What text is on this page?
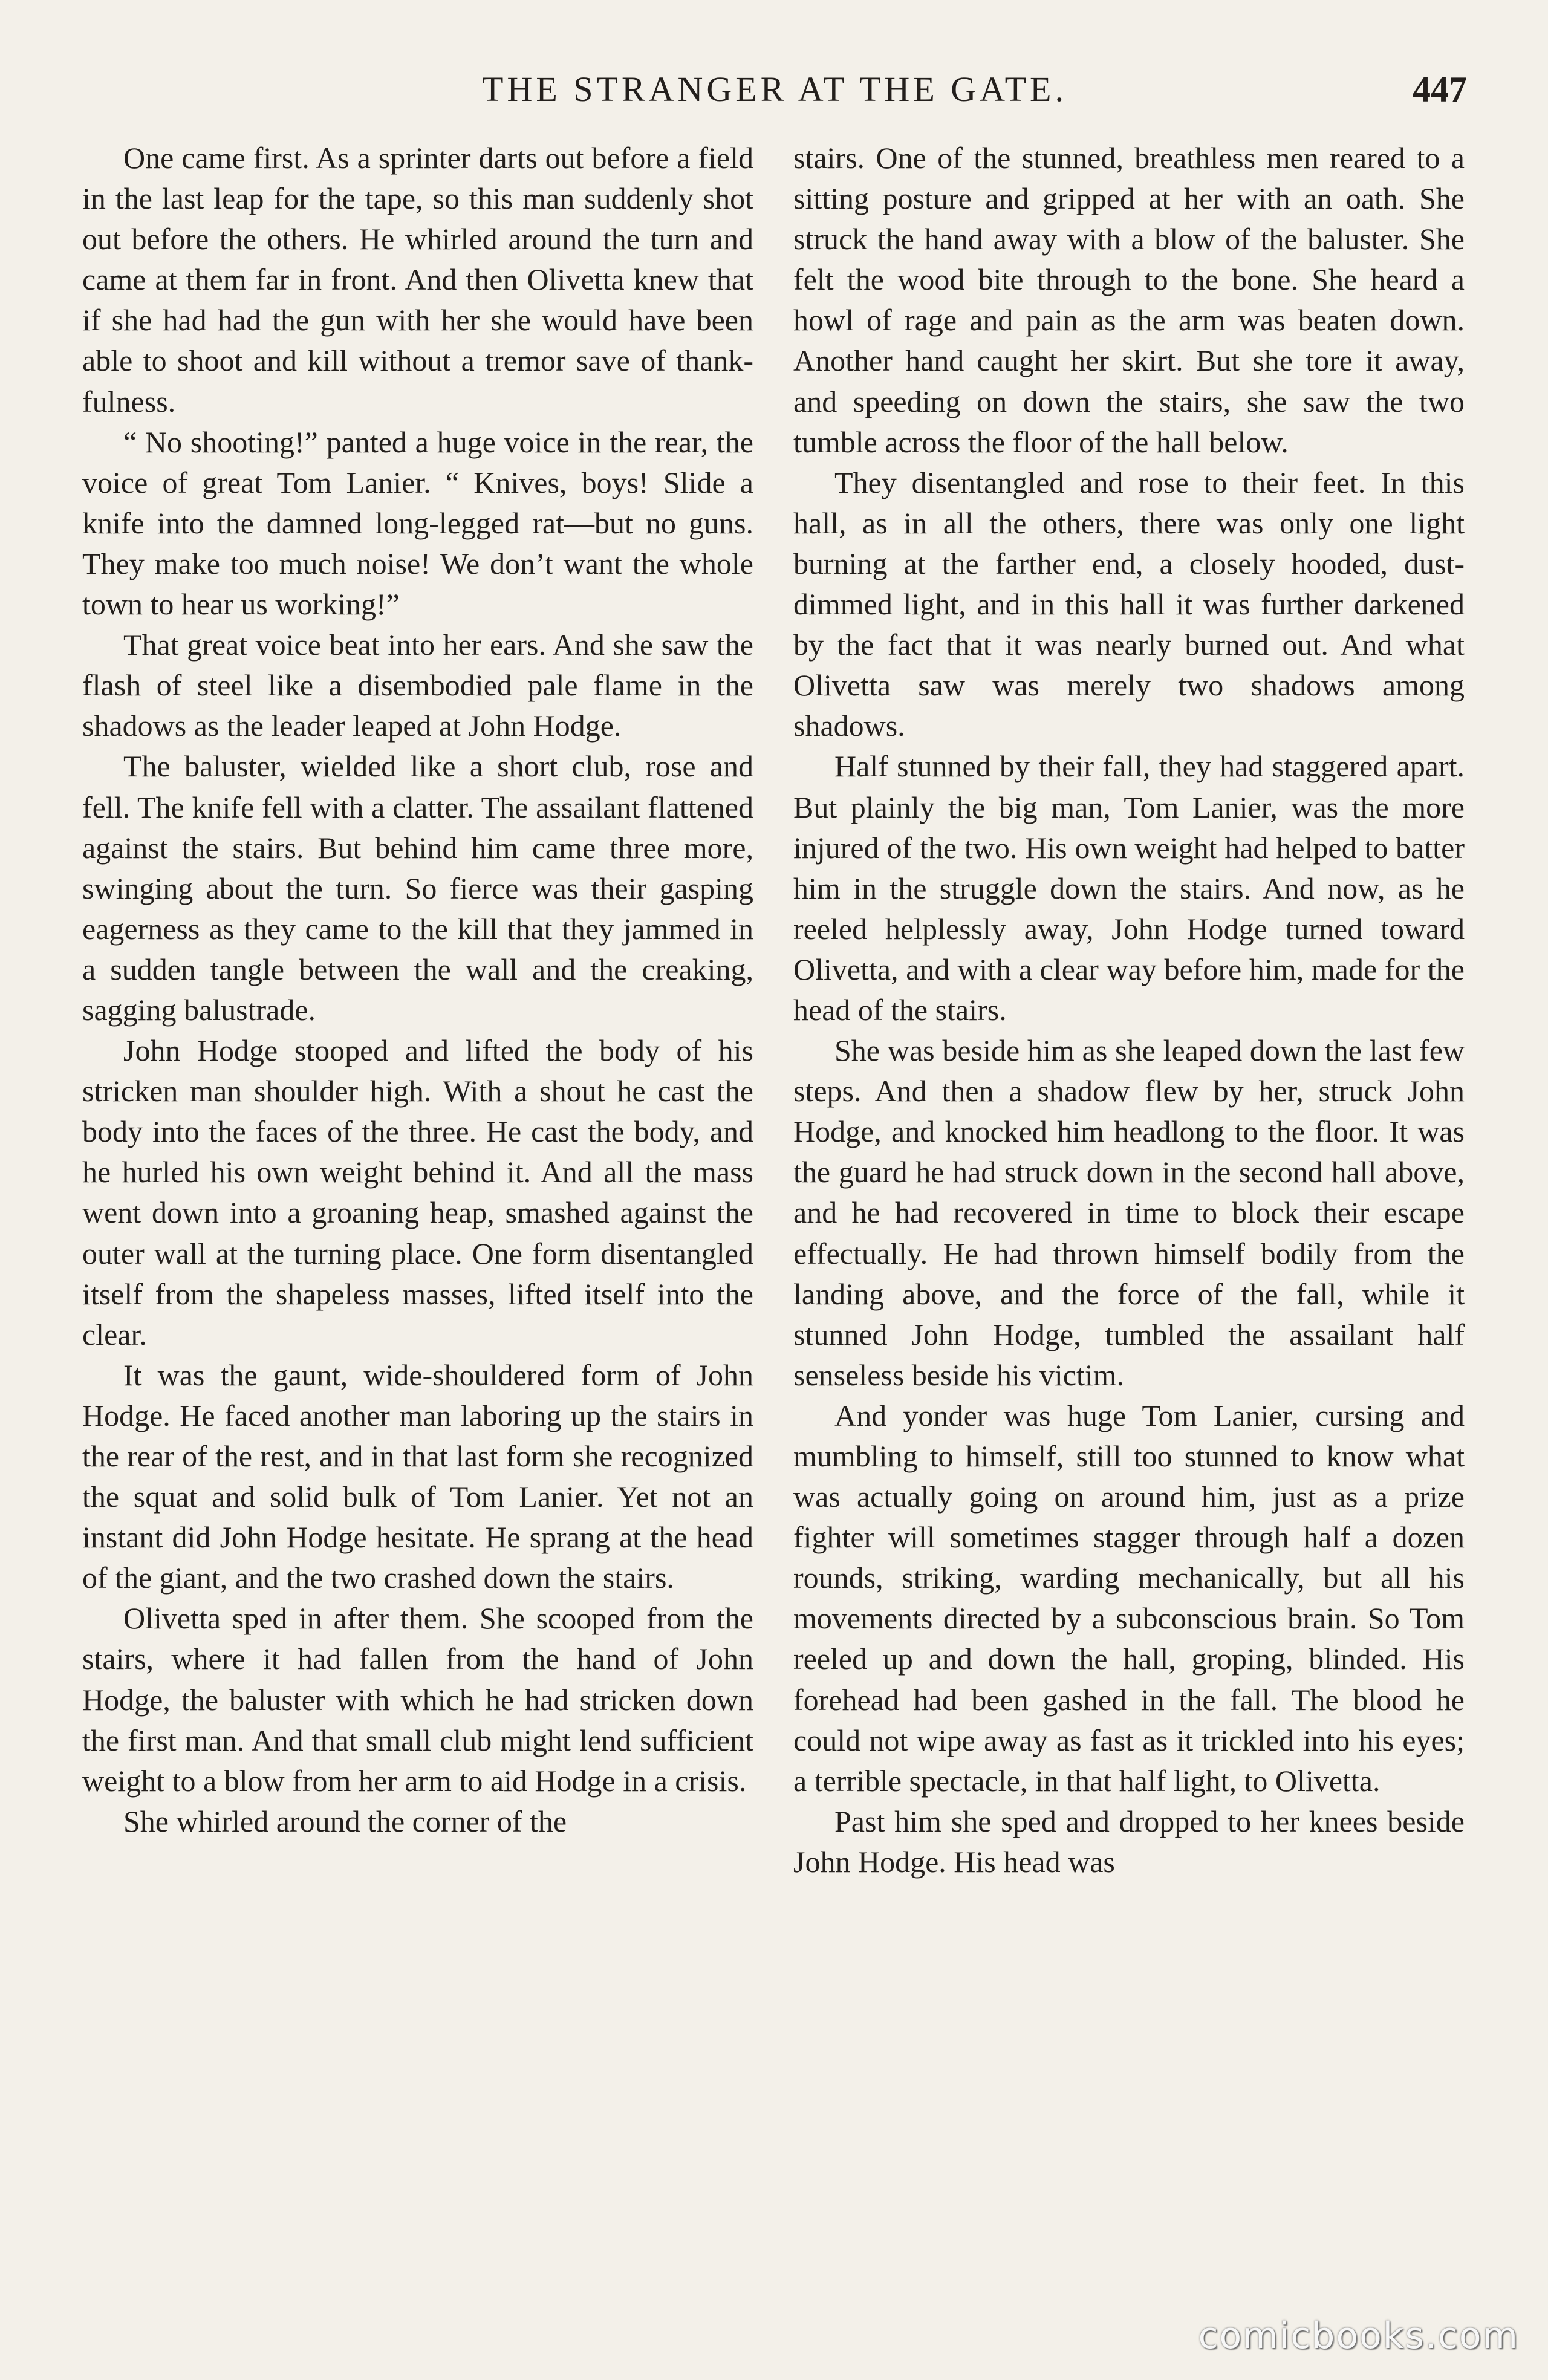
THE STRANGER AT THE GATE.	447

One came first. As a sprinter darts out before a field in the last leap for the tape, so this man suddenly shot out before the others. He whirled around the turn and came at them far in front. And then Olivetta knew that if she had had the gun with her she would have been able to shoot and kill without a tremor save of thankfulness.

“ No shooting!” panted a huge voice in the rear, the voice of great Tom Lanier. “ Knives, boys! Slide a knife into the damned long-legged rat—but no guns. They make too much noise! We don’t want the whole town to hear us working!”

That great voice beat into her ears. And she saw the flash of steel like a disembodied pale flame in the shadows as the leader leaped at John Hodge.

The baluster, wielded like a short club, rose and fell. The knife fell with a clatter. The assailant flattened against the stairs. But behind him came three more, swinging about the turn. So fierce was their gasping eagerness as they came to the kill that they jammed in a sudden tangle between the wall and the creaking, sagging balustrade.

John Hodge stooped and lifted the body of his stricken man shoulder high. With a shout he cast the body into the faces of the three. He cast the body, and he hurled his own weight behind it. And all the mass went down into a groaning heap, smashed against the outer wall at the turning place. One form disentangled itself from the shapeless masses, lifted itself into the clear.

It was the gaunt, wide-shouldered form of John Hodge. He faced another man laboring up the stairs in the rear of the rest, and in that last form she recognized the squat and solid bulk of Tom Lanier. Yet not an instant did John Hodge hesitate. He sprang at the head of the giant, and the two crashed down the stairs.

Olivetta sped in after them. She scooped from the stairs, where it had fallen from the hand of John Hodge, the baluster with which he had stricken down the first man. And that small club might lend sufficient weight to a blow from her arm to aid Hodge in a crisis.

She whirled around the corner of the

stairs. One of the stunned, breathless men reared to a sitting posture and gripped at her with an oath. She struck the hand away with a blow of the baluster. She felt the wood bite through to the bone. She heard a howl of rage and pain as the arm was beaten down. Another hand caught her skirt. But she tore it away, and speeding on down the stairs, she saw the two tumble across the floor of the hall below.

They disentangled and rose to their feet. In this hall, as in all the others, there was only one light burning at the farther end, a closely hooded, dust-dimmed light, and in this hall it was further darkened by the fact that it was nearly burned out. And what Olivetta saw was merely two shadows among shadows.

Half stunned by their fall, they had staggered apart. But plainly the big man, Tom Lanier, was the more injured of the two. His own weight had helped to batter him in the struggle down the stairs. And now, as he reeled helplessly away, John Hodge turned toward Olivetta, and with a clear way before him, made for the head of the stairs.

She was beside him as she leaped down the last few steps. And then a shadow flew by her, struck John Hodge, and knocked him headlong to the floor. It was the guard he had struck down in the second hall above, and he had recovered in time to block their escape effectually. He had thrown himself bodily from the landing above, and the force of the fall, while it stunned John Hodge, tumbled the assailant half senseless beside his victim.

And yonder was huge Tom Lanier, cursing and mumbling to himself, still too stunned to know what was actually going on around him, just as a prize fighter will sometimes stagger through half a dozen rounds, striking, warding mechanically, but all his movements directed by a subconscious brain. So Tom reeled up and down the hall, groping, blinded. His forehead had been gashed in the fall. The blood he could not wipe away as fast as it trickled into his eyes; a terrible spectacle, in that half light, to Olivetta.

Past him she sped and dropped to her knees beside John Hodge. His head was

comicbooks.com
